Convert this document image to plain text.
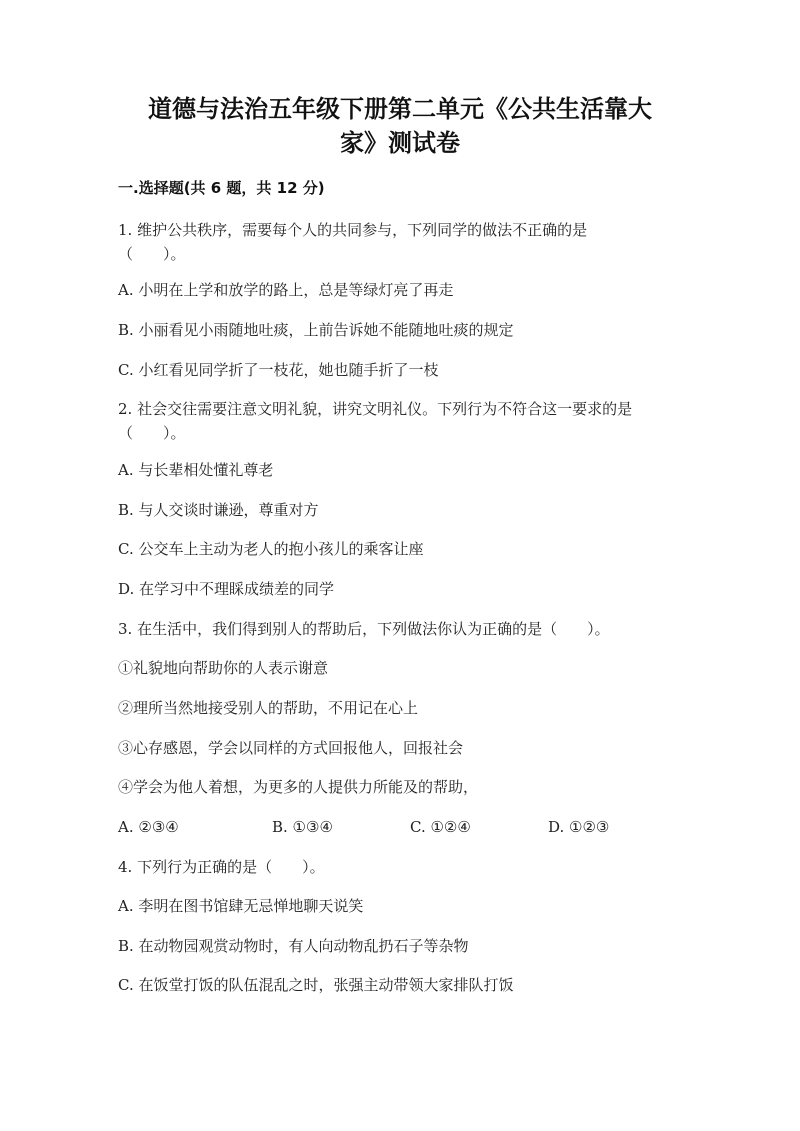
道德与法治五年级下册第二单元《公共生活靠大
家》测试卷
一.选择题(共 6 题，共 12 分)
1. 维护公共秩序，需要每个人的共同参与，下列同学的做法不正确的是
（　　）。
A. 小明在上学和放学的路上，总是等绿灯亮了再走
B. 小丽看见小雨随地吐痰，上前告诉她不能随地吐痰的规定
C. 小红看见同学折了一枝花，她也随手折了一枝
2. 社会交往需要注意文明礼貌，讲究文明礼仪。下列行为不符合这一要求的是
（　　）。
A. 与长辈相处懂礼尊老
B. 与人交谈时谦逊，尊重对方
C. 公交车上主动为老人的抱小孩儿的乘客让座
D. 在学习中不理睬成绩差的同学
3. 在生活中，我们得到别人的帮助后，下列做法你认为正确的是（　　）。
①礼貌地向帮助你的人表示谢意
②理所当然地接受别人的帮助，不用记在心上
③心存感恩，学会以同样的方式回报他人，回报社会
④学会为他人着想，为更多的人提供力所能及的帮助，
A. ②③④	B. ①③④	C. ①②④	D. ①②③
4. 下列行为正确的是（　　）。
A. 李明在图书馆肆无忌惮地聊天说笑
B. 在动物园观赏动物时，有人向动物乱扔石子等杂物
C. 在饭堂打饭的队伍混乱之时，张强主动带领大家排队打饭
